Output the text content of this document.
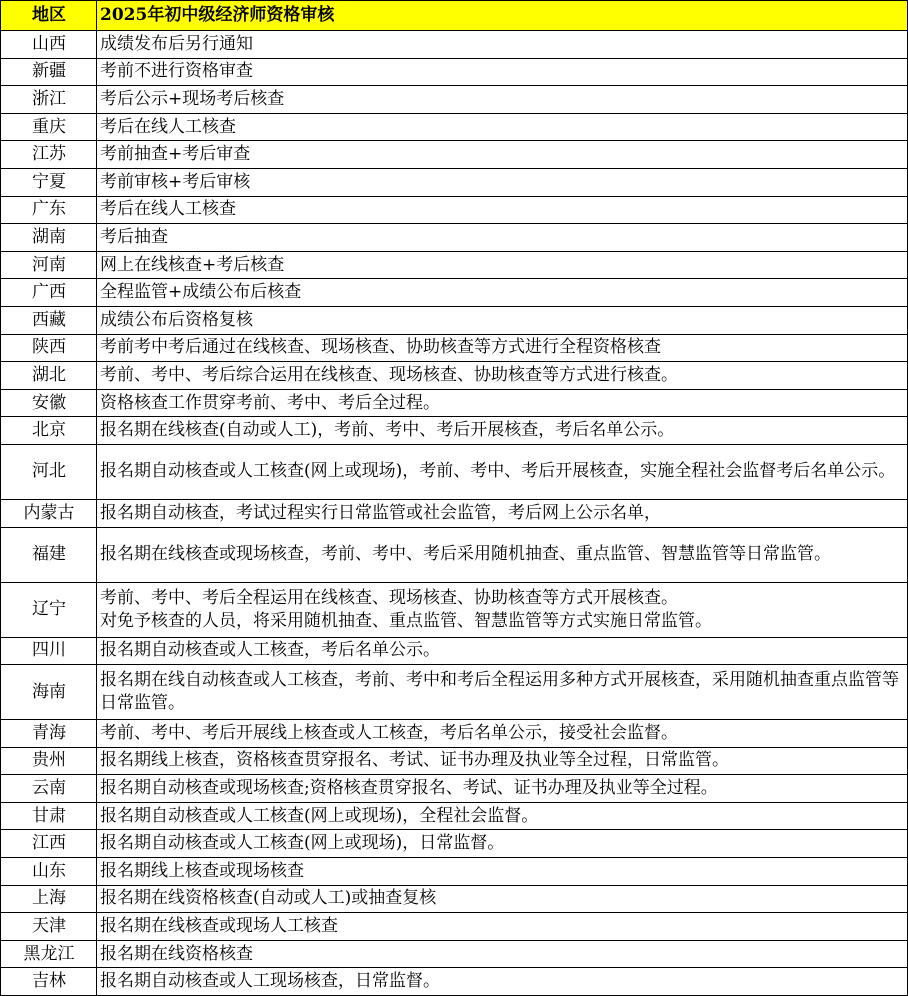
地区	2025年初中级经济师资格审核
山西	成绩发布后另行通知
新疆	考前不进行资格审查
浙江	考后公示+现场考后核查
重庆	考后在线人工核查
江苏	考前抽查+考后审查
宁夏	考前审核+考后审核
广东	考后在线人工核查
湖南	考后抽查
河南	网上在线核查+考后核查
广西	全程监管+成绩公布后核查
西藏	成绩公布后资格复核
陕西	考前考中考后通过在线核查、现场核查、协助核查等方式进行全程资格核查
湖北	考前、考中、考后综合运用在线核查、现场核查、协助核查等方式进行核查。
安徽	资格核查工作贯穿考前、考中、考后全过程。
北京	报名期在线核查(自动或人工)，考前、考中、考后开展核查，考后名单公示。
河北	报名期自动核查或人工核查(网上或现场)，考前、考中、考后开展核查，实施全程社会监督考后名单公示。
内蒙古	报名期自动核查，考试过程实行日常监管或社会监管，考后网上公示名单，
福建	报名期在线核查或现场核查，考前、考中、考后采用随机抽查、重点监管、智慧监管等日常监管。
辽宁	考前、考中、考后全程运用在线核查、现场核查、协助核查等方式开展核查。
对免予核查的人员，将采用随机抽查、重点监管、智慧监管等方式实施日常监管。
四川	报名期自动核查或人工核查，考后名单公示。
海南	报名期在线自动核查或人工核查，考前、考中和考后全程运用多种方式开展核查，采用随机抽查重点监管等日常监管。
青海	考前、考中、考后开展线上核查或人工核查，考后名单公示，接受社会监督。
贵州	报名期线上核查，资格核查贯穿报名、考试、证书办理及执业等全过程，日常监管。
云南	报名期自动核查或现场核查;资格核查贯穿报名、考试、证书办理及执业等全过程。
甘肃	报名期自动核查或人工核查(网上或现场)，全程社会监督。
江西	报名期自动核查或人工核查(网上或现场)，日常监督。
山东	报名期线上核查或现场核查
上海	报名期在线资格核查(自动或人工)或抽查复核
天津	报名期在线核查或现场人工核查
黑龙江	报名期在线资格核查
吉林	报名期自动核查或人工现场核查，日常监督。
